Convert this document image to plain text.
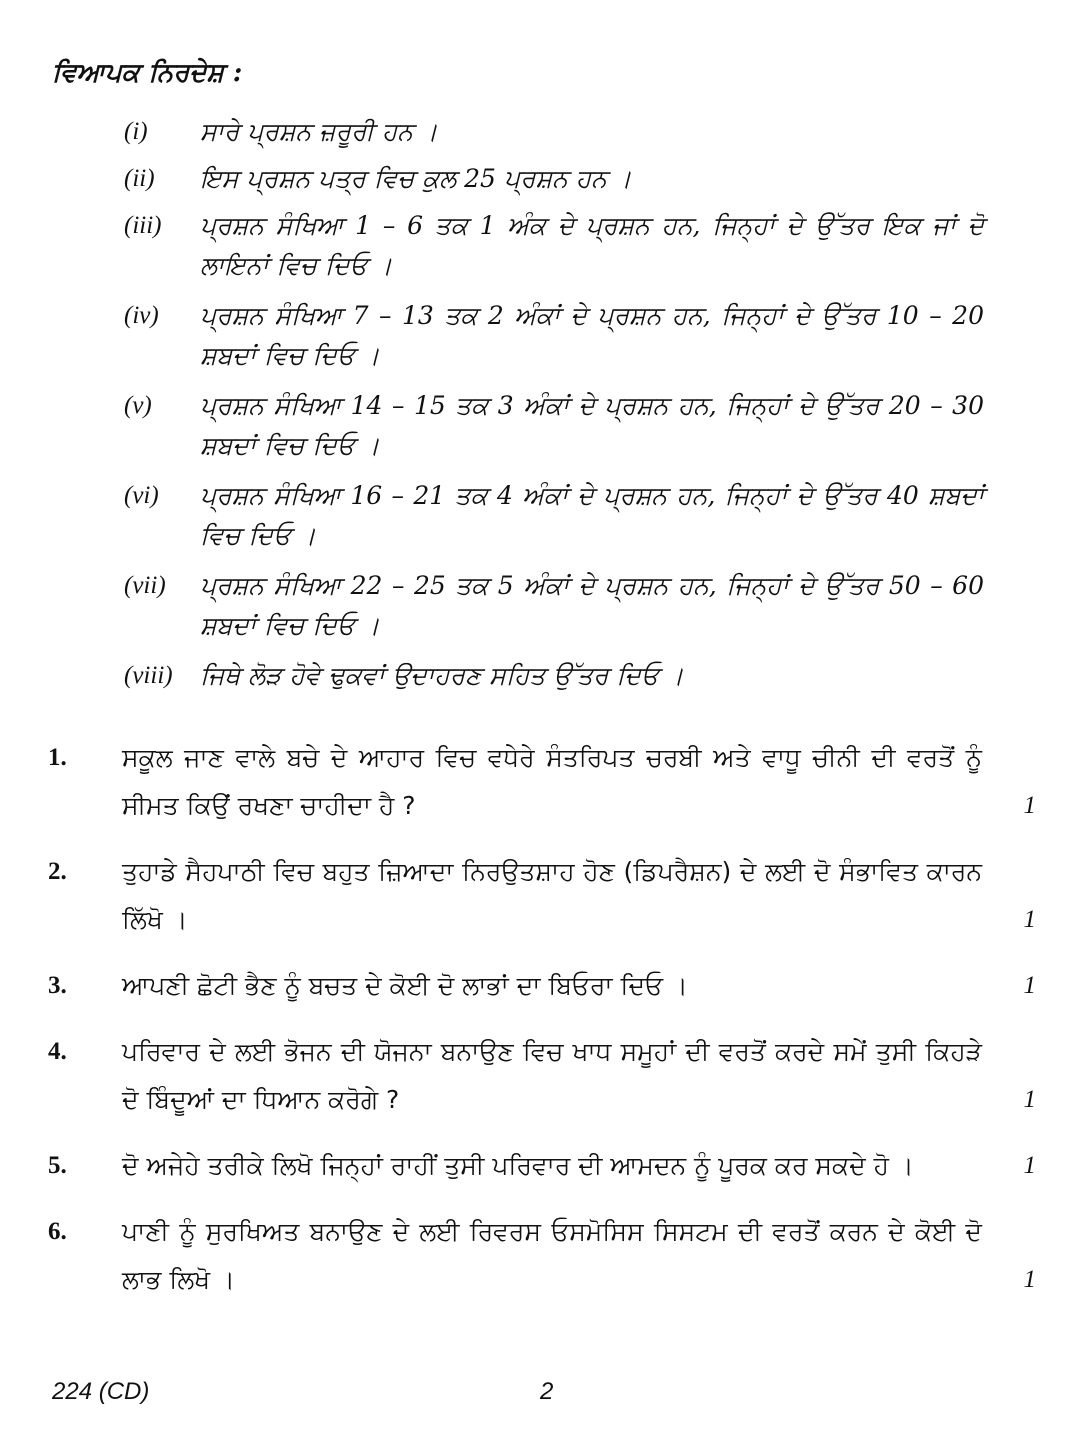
ਵਿਆਪਕ ਨਿਰਦੇਸ਼ :
(i)	ਸਾਰੇ ਪ੍ਰਸ਼ਨ ਜ਼ਰੂਰੀ ਹਨ ।
(ii)	ਇਸ ਪ੍ਰਸ਼ਨ ਪਤ੍ਰ ਵਿਚ ਕੁਲ 25 ਪ੍ਰਸ਼ਨ ਹਨ ।
(iii)	ਪ੍ਰਸ਼ਨ ਸੰਖਿਆ 1 – 6 ਤਕ 1 ਅੰਕ ਦੇ ਪ੍ਰਸ਼ਨ ਹਨ, ਜਿਨ੍ਹਾਂ ਦੇ ਉੱਤਰ ਇਕ ਜਾਂ ਦੋ ਲਾਇਨਾਂ ਵਿਚ ਦਿਓ ।
(iv)	ਪ੍ਰਸ਼ਨ ਸੰਖਿਆ 7 – 13 ਤਕ 2 ਅੰਕਾਂ ਦੇ ਪ੍ਰਸ਼ਨ ਹਨ, ਜਿਨ੍ਹਾਂ ਦੇ ਉੱਤਰ 10 – 20 ਸ਼ਬਦਾਂ ਵਿਚ ਦਿਓ ।
(v)	ਪ੍ਰਸ਼ਨ ਸੰਖਿਆ 14 – 15 ਤਕ 3 ਅੰਕਾਂ ਦੇ ਪ੍ਰਸ਼ਨ ਹਨ, ਜਿਨ੍ਹਾਂ ਦੇ ਉੱਤਰ 20 – 30 ਸ਼ਬਦਾਂ ਵਿਚ ਦਿਓ ।
(vi)	ਪ੍ਰਸ਼ਨ ਸੰਖਿਆ 16 – 21 ਤਕ 4 ਅੰਕਾਂ ਦੇ ਪ੍ਰਸ਼ਨ ਹਨ, ਜਿਨ੍ਹਾਂ ਦੇ ਉੱਤਰ 40 ਸ਼ਬਦਾਂ ਵਿਚ ਦਿਓ ।
(vii)	ਪ੍ਰਸ਼ਨ ਸੰਖਿਆ 22 – 25 ਤਕ 5 ਅੰਕਾਂ ਦੇ ਪ੍ਰਸ਼ਨ ਹਨ, ਜਿਨ੍ਹਾਂ ਦੇ ਉੱਤਰ 50 – 60 ਸ਼ਬਦਾਂ ਵਿਚ ਦਿਓ ।
(viii)	ਜਿਥੇ ਲੋੜ ਹੋਵੇ ਢੁਕਵਾਂ ਉਦਾਹਰਣ ਸਹਿਤ ਉੱਤਰ ਦਿਓ ।
1.	ਸਕੂਲ ਜਾਣ ਵਾਲੇ ਬਚੇ ਦੇ ਆਹਾਰ ਵਿਚ ਵਧੇਰੇ ਸੰਤਰਿਪਤ ਚਰਬੀ ਅਤੇ ਵਾਧੂ ਚੀਨੀ ਦੀ ਵਰਤੋਂ ਨੂੰ ਸੀਮਤ ਕਿਉਂ ਰਖਣਾ ਚਾਹੀਦਾ ਹੈ ?	1
2.	ਤੁਹਾਡੇ ਸੈਹਪਾਠੀ ਵਿਚ ਬਹੁਤ ਜ਼ਿਆਦਾ ਨਿਰਉਤਸ਼ਾਹ ਹੋਣ (ਡਿਪਰੈਸ਼ਨ) ਦੇ ਲਈ ਦੋ ਸੰਭਾਵਿਤ ਕਾਰਨ ਲਿੱਖੋ ।	1
3.	ਆਪਣੀ ਛੋਟੀ ਭੈਣ ਨੂੰ ਬਚਤ ਦੇ ਕੋਈ ਦੋ ਲਾਭਾਂ ਦਾ ਬਿਓਰਾ ਦਿਓ ।	1
4.	ਪਰਿਵਾਰ ਦੇ ਲਈ ਭੋਜਨ ਦੀ ਯੋਜਨਾ ਬਨਾਉਣ ਵਿਚ ਖਾਧ ਸਮੂਹਾਂ ਦੀ ਵਰਤੋਂ ਕਰਦੇ ਸਮੇਂ ਤੁਸੀ ਕਿਹੜੇ ਦੋ ਬਿੰਦੂਆਂ ਦਾ ਧਿਆਨ ਕਰੋਗੇ ?	1
5.	ਦੋ ਅਜੇਹੇ ਤਰੀਕੇ ਲਿਖੋ ਜਿਨ੍ਹਾਂ ਰਾਹੀਂ ਤੁਸੀ ਪਰਿਵਾਰ ਦੀ ਆਮਦਨ ਨੂੰ ਪੂਰਕ ਕਰ ਸਕਦੇ ਹੋ ।	1
6.	ਪਾਣੀ ਨੂੰ ਸੁਰਖਿਅਤ ਬਨਾਉਣ ਦੇ ਲਈ ਰਿਵਰਸ ਓਸਮੋਸਿਸ ਸਿਸਟਮ ਦੀ ਵਰਤੋਂ ਕਰਨ ਦੇ ਕੋਈ ਦੋ ਲਾਭ ਲਿਖੋ ।	1
224 (CD)	2
